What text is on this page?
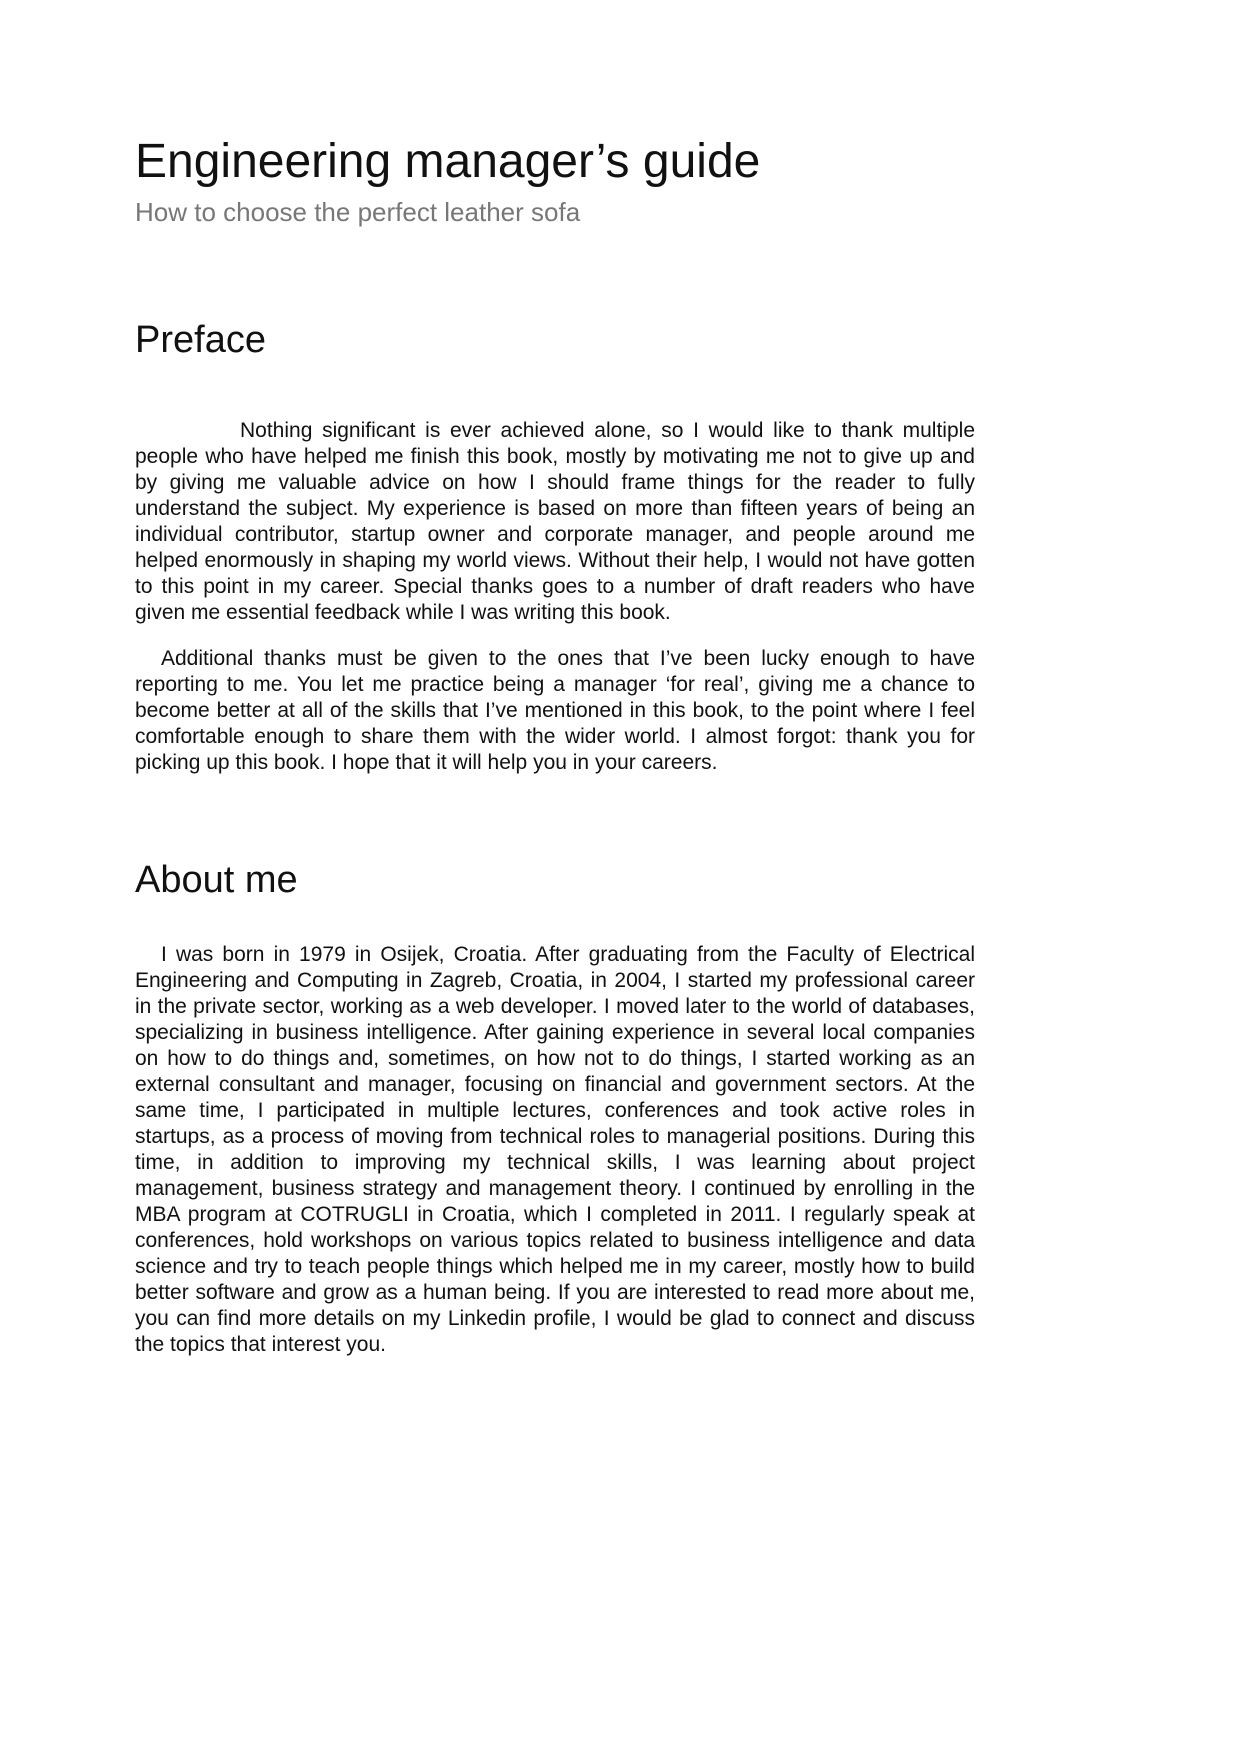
Engineering manager’s guide
How to choose the perfect leather sofa
Preface

Nothing significant is ever achieved alone, so I would like to thank multiple people who have helped me finish this book, mostly by motivating me not to give up and by giving me valuable advice on how I should frame things for the reader to fully understand the subject. My experience is based on more than fifteen years of being an individual contributor, startup owner and corporate manager, and people around me helped enormously in shaping my world views. Without their help, I would not have gotten to this point in my career. Special thanks goes to a number of draft readers who have given me essential feedback while I was writing this book.

Additional thanks must be given to the ones that I’ve been lucky enough to have reporting to me. You let me practice being a manager ‘for real’, giving me a chance to become better at all of the skills that I’ve mentioned in this book, to the point where I feel comfortable enough to share them with the wider world. I almost forgot: thank you for picking up this book. I hope that it will help you in your careers.

About me

I was born in 1979 in Osijek, Croatia. After graduating from the Faculty of Electrical Engineering and Computing in Zagreb, Croatia, in 2004, I started my professional career in the private sector, working as a web developer. I moved later to the world of databases, specializing in business intelligence. After gaining experience in several local companies on how to do things and, sometimes, on how not to do things, I started working as an external consultant and manager, focusing on financial and government sectors. At the same time, I participated in multiple lectures, conferences and took active roles in startups, as a process of moving from technical roles to managerial positions. During this time, in addition to improving my technical skills, I was learning about project management, business strategy and management theory. I continued by enrolling in the MBA program at COTRUGLI in Croatia, which I completed in 2011. I regularly speak at conferences, hold workshops on various topics related to business intelligence and data science and try to teach people things which helped me in my career, mostly how to build better software and grow as a human being. If you are interested to read more about me, you can find more details on my Linkedin profile, I would be glad to connect and discuss the topics that interest you.
